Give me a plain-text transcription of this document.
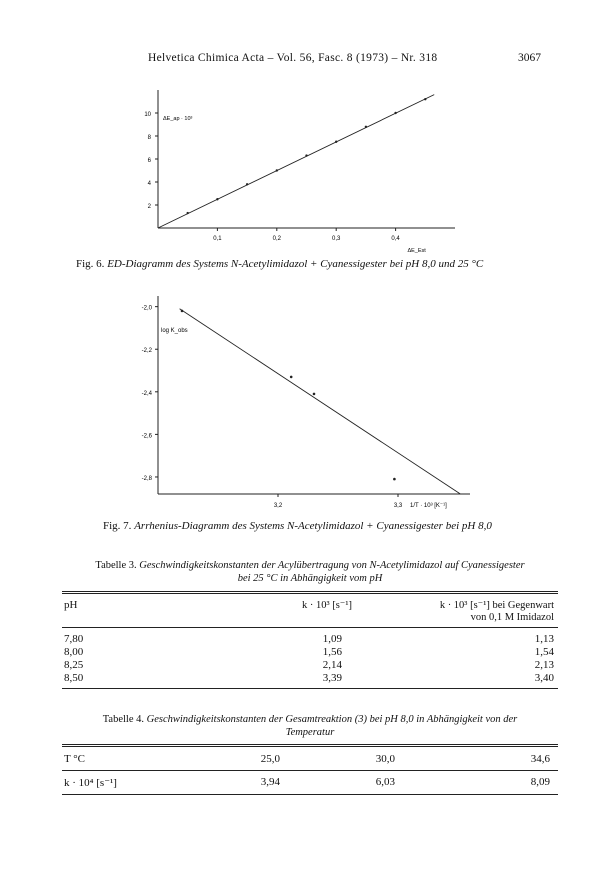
Helvetica Chimica Acta – Vol. 56, Fasc. 8 (1973) – Nr. 318	3067
10
8
6
4
2
0,1	0,2	0,3	0,4
ΔE_ap · 10³
ΔE_Est
Fig. 6. ED-Diagramm des Systems N-Acetylimidazol + Cyanessigester bei pH 8,0 und 25 °C
-2,0
-2,2
-2,4
-2,6
-2,8
3,2	3,3
log K_obs
1/T · 10³ [K⁻¹]
Fig. 7. Arrhenius-Diagramm des Systems N-Acetylimidazol + Cyanessigester bei pH 8,0
Tabelle 3. Geschwindigkeitskonstanten der Acylübertragung von N-Acetylimidazol auf Cyanessigester
bei 25 °C in Abhängigkeit vom pH
pH	k · 10³ [s⁻¹]	k · 10³ [s⁻¹] bei Gegenwart
von 0,1 M Imidazol
7,80	1,09	1,13
8,00	1,56	1,54
8,25	2,14	2,13
8,50	3,39	3,40
Tabelle 4. Geschwindigkeitskonstanten der Gesamtreaktion (3) bei pH 8,0 in Abhängigkeit von der
Temperatur
T °C	25,0	30,0	34,6
k · 10⁴ [s⁻¹]	3,94	6,03	8,09
